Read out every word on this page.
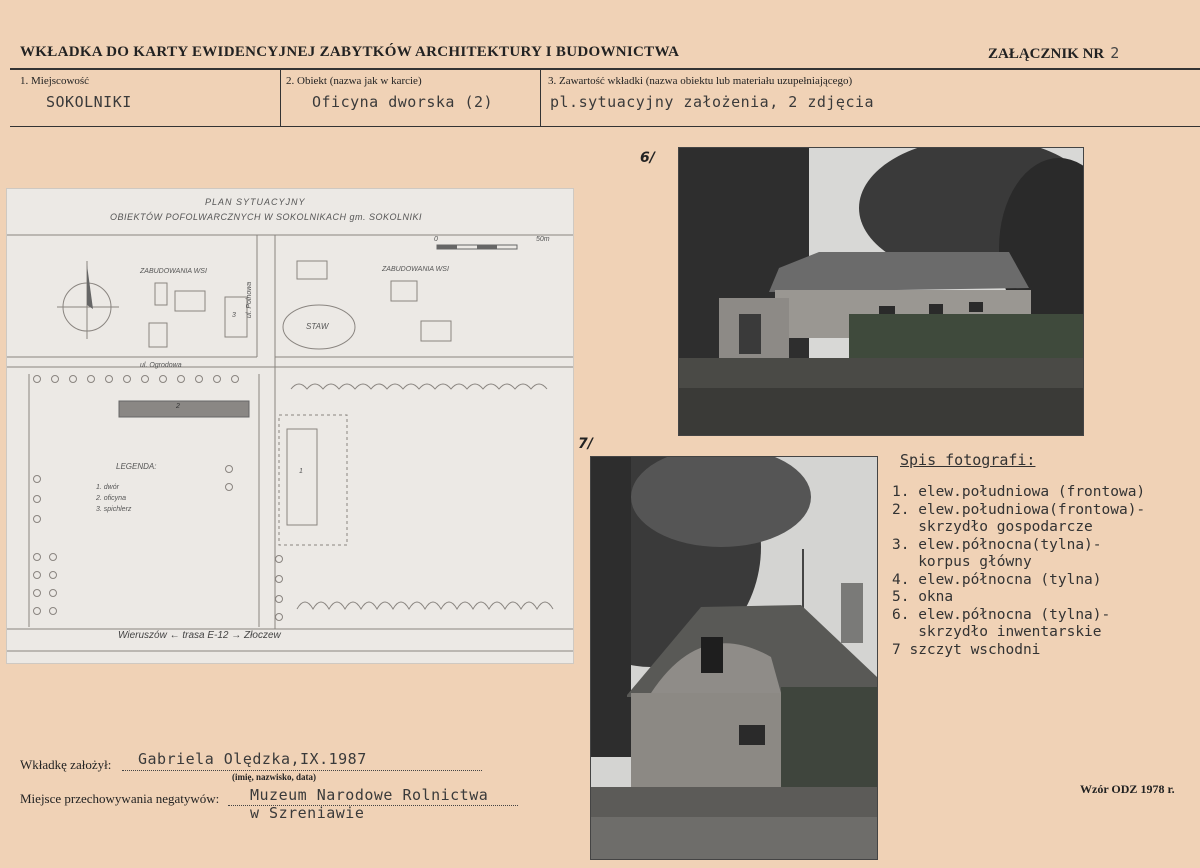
WKŁADKA DO KARTY EWIDENCYJNEJ ZABYTKÓW ARCHITEKTURY I BUDOWNICTWA	ZAŁĄCZNIK NR 2
1. Miejscowość
SOKOLNIKI
2. Obiekt (nazwa jak w karcie)
Oficyna dworska (2)
3. Zawartość wkładki (nazwa obiektu lub materiału uzupełniającego)
pl.sytuacyjny założenia, 2 zdjęcia
PLAN SYTUACYJNY
OBIEKTÓW POFOLWARCZNYCH W SOKOLNIKACH gm. SOKOLNIKI
0	50m
ZABUDOWANIA WSI	ZABUDOWANIA WSI
STAW
ul. Polnowa
ul. Ogrodowa
3
2
1
LEGENDA:
1. dwór
2. oficyna
3. spichlerz
Wieruszów ← trasa E-12 → Złoczew
6/
7/
Spis fotografi:
1. elew.południowa (frontowa)
2. elew.południowa(frontowa)-
skrzydło gospodarcze
3. elew.północna(tylna)-
korpus główny
4. elew.północna (tylna)
5. okna
6. elew.północna (tylna)-
skrzydło inwentarskie
7 szczyt wschodni
Wkładkę założył: Gabriela Olędzka,IX.1987
(imię, nazwisko, data)
Miejsce przechowywania negatywów: Muzeum Narodowe Rolnictwa
w Szreniawie
Wzór ODZ 1978 r.
